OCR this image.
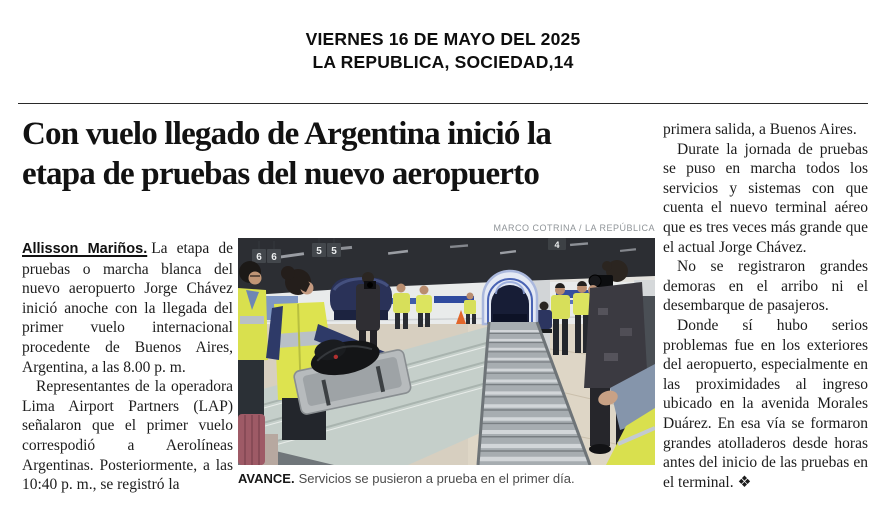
VIERNES 16 DE MAYO DEL 2025
LA REPUBLICA, SOCIEDAD,14
Con vuelo llegado de Argentina inició la
etapa de pruebas del nuevo aeropuerto
MARCO COTRINA / LA REPÚBLICA
6 6
5 5
4
AVANCE. Servicios se pusieron a prueba en el primer día.

Allisson Mariños. La etapa de pruebas o marcha blanca del nuevo aeropuerto Jorge Chávez inició anoche con la llegada del primer vuelo internacional procedente de Buenos Aires, Argentina, a las 8.00 p. m.

Representantes de la operadora Lima Airport Partners (LAP) señalaron que el primer vuelo correspodió a Aerolíneas Argentinas. Posteriormente, a las 10:40 p. m., se registró la

primera salida, a Buenos Aires.

Durate la jornada de pruebas se puso en marcha todos los servicios y sistemas con que cuenta el nuevo terminal aéreo que es tres veces más grande que el actual Jorge Chávez.

No se registraron grandes demoras en el arribo ni el desembarque de pasajeros.

Donde sí hubo serios problemas fue en los exteriores del aeropuerto, especialmente en las proximidades al ingreso ubicado en la avenida Morales Duárez. En esa vía se formaron grandes atolladeros desde horas antes del inicio de las pruebas en el terminal. ❖
